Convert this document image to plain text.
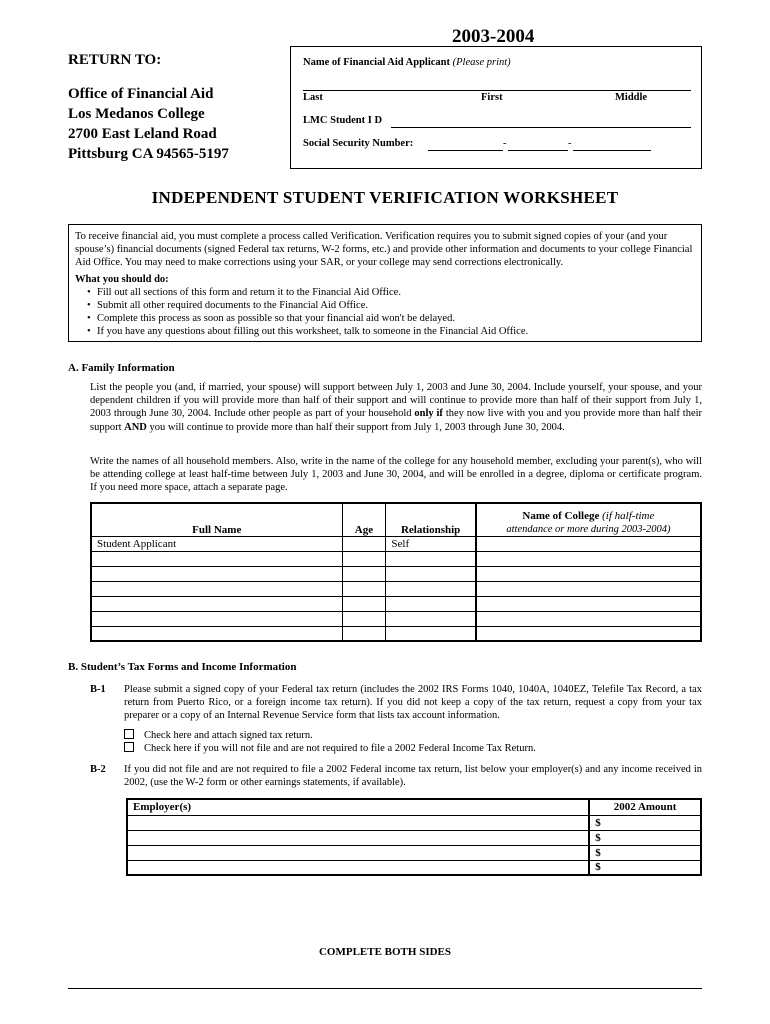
2003-2004
RETURN TO:
Office of Financial Aid
Los Medanos College
2700 East Leland Road
Pittsburg CA 94565-5197
Name of Financial Aid Applicant (Please print)
Last	First	Middle
LMC Student I D
Social Security Number:	-	-
INDEPENDENT STUDENT VERIFICATION WORKSHEET
To receive financial aid, you must complete a process called Verification. Verification requires you to submit signed copies of your (and your spouse’s) financial documents (signed Federal tax returns, W-2 forms, etc.) and provide other information and documents to your college Financial Aid Office. You may need to make corrections using your SAR, or your college may send corrections electronically.
What you should do:
• Fill out all sections of this form and return it to the Financial Aid Office.
• Submit all other required documents to the Financial Aid Office.
• Complete this process as soon as possible so that your financial aid won't be delayed.
• If you have any questions about filling out this worksheet, talk to someone in the Financial Aid Office.
A. Family Information
List the people you (and, if married, your spouse) will support between July 1, 2003 and June 30, 2004. Include yourself, your spouse, and your dependent children if you will provide more than half of their support and will continue to provide more than half of their support from July 1, 2003 through June 30, 2004. Include other people as part of your household only if they now live with you and you provide more than half their support AND you will continue to provide more than half their support from July 1, 2003 through June 30, 2004.
Write the names of all household members. Also, write in the name of the college for any household member, excluding your parent(s), who will be attending college at least half-time between July 1, 2003 and June 30, 2004, and will be enrolled in a degree, diploma or certificate program. If you need more space, attach a separate page.
Full Name	Age	Relationship	Name of College (if half-time
attendance or more during 2003-2004)
Student Applicant		Self	

B. Student’s Tax Forms and Income Information
B-1 Please submit a signed copy of your Federal tax return (includes the 2002 IRS Forms 1040, 1040A, 1040EZ, Telefile Tax Record, a tax return from Puerto Rico, or a foreign income tax return). If you did not keep a copy of the tax return, request a copy from your tax preparer or a copy of an Internal Revenue Service form that lists tax account information.
Check here and attach signed tax return.
Check here if you will not file and are not required to file a 2002 Federal Income Tax Return.
B-2 If you did not file and are not required to file a 2002 Federal income tax return, list below your employer(s) and any income received in 2002, (use the W-2 form or other earnings statements, if available).
Employer(s)	2002 Amount
	$
	$
	$
	$
COMPLETE BOTH SIDES
